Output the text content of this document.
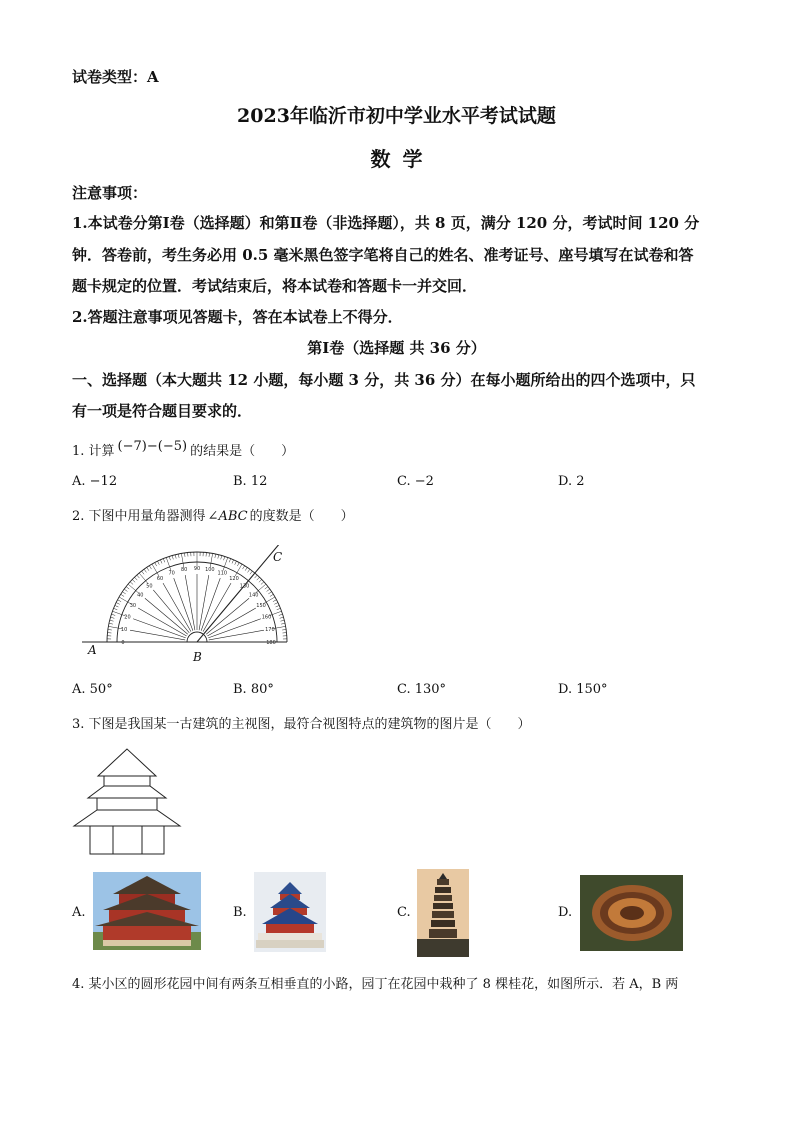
试卷类型：A
2023年临沂市初中学业水平考试试题
数学
注意事项：
1.本试卷分第Ⅰ卷（选择题）和第Ⅱ卷（非选择题），共 8 页，满分 120 分，考试时间 120 分
钟．答卷前，考生务必用 0.5 毫米黑色签字笔将自己的姓名、准考证号、座号填写在试卷和答
题卡规定的位置．考试结束后，将本试卷和答题卡一并交回．
2.答题注意事项见答题卡，答在本试卷上不得分．
第Ⅰ卷（选择题 共 36 分）
一、选择题（本大题共 12 小题，每小题 3 分，共 36 分）在每小题所给出的四个选项中，只
有一项是符合题目要求的．
1. 计算 (−7)−(−5) 的结果是（　　）
A. −12	B. 12	C. −2	D. 2
2. 下图中用量角器测得 ∠ABC 的度数是（　　）
0
10
20
30
40
50
60
70
80 90 100
110
120
130
140
150
160
170
180
A	B
C
A. 50°	B. 80°	C. 130°	D. 150°
3. 下图是我国某一古建筑的主视图，最符合视图特点的建筑物的图片是（　　）
A.	B.	C.	D.
4. 某小区的圆形花园中间有两条互相垂直的小路，园丁在花园中栽种了 8 棵桂花，如图所示．若 A，B 两
